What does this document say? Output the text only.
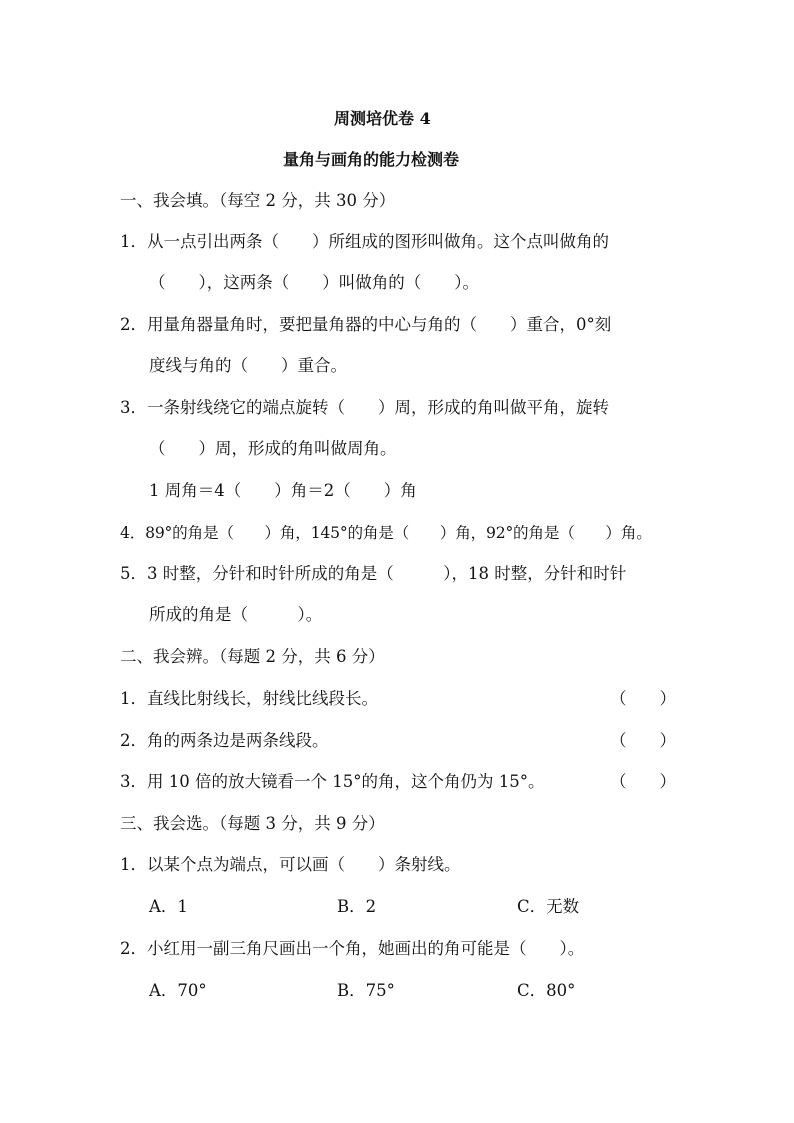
周测培优卷 4
量角与画角的能力检测卷
一、我会填。（每空 2 分，共 30 分）
1．从一点引出两条（　　）所组成的图形叫做角。这个点叫做角的
（　　），这两条（　　）叫做角的（　　）。
2．用量角器量角时，要把量角器的中心与角的（　　）重合，0°刻
度线与角的（　　）重合。
3．一条射线绕它的端点旋转（　　）周，形成的角叫做平角，旋转
（　　）周，形成的角叫做周角。
1 周角＝4（　　）角＝2（　　）角
4．89°的角是（　　）角，145°的角是（　　）角，92°的角是（　　）角。
5．3 时整，分针和时针所成的角是（　　　），18 时整，分针和时针
所成的角是（　　　）。
二、我会辨。（每题 2 分，共 6 分）
1．直线比射线长，射线比线段长。	（　　）
2．角的两条边是两条线段。	（　　）
3．用 10 倍的放大镜看一个 15°的角，这个角仍为 15°。	（　　）
三、我会选。（每题 3 分，共 9 分）
1．以某个点为端点，可以画（　　）条射线。
A．1	B．2	C．无数
2．小红用一副三角尺画出一个角，她画出的角可能是（　　）。
A．70°	B．75°	C．80°
